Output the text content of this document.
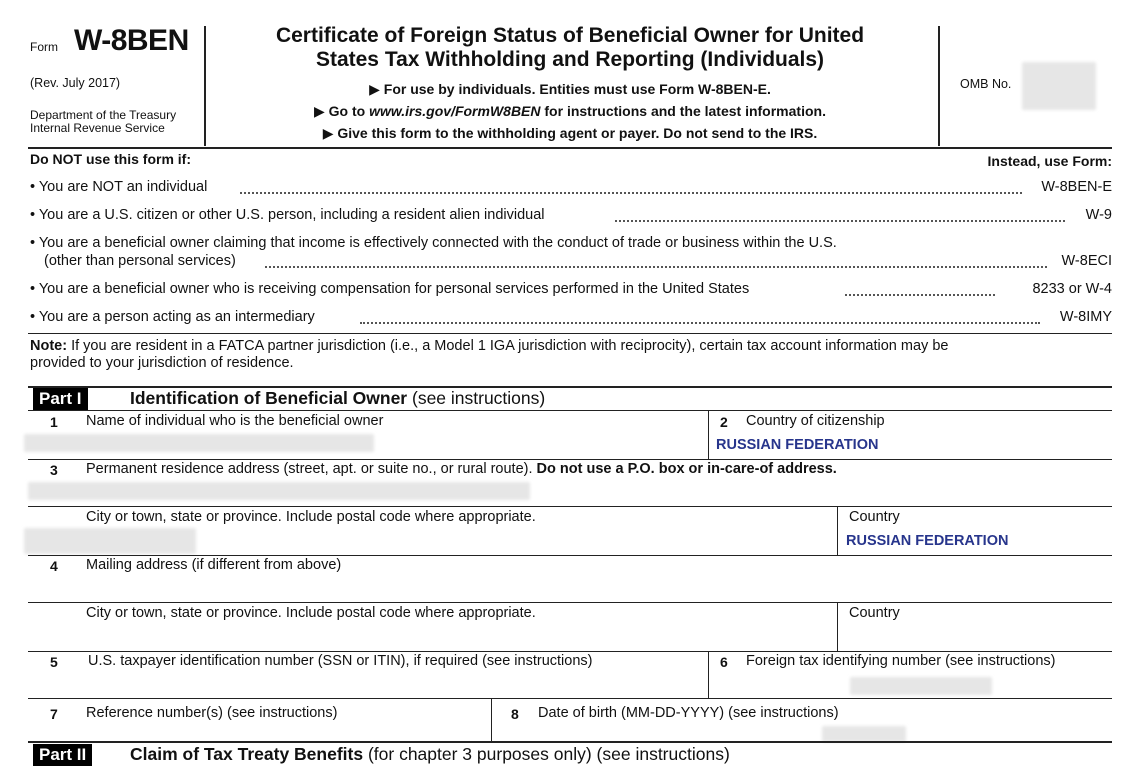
Form W-8BEN
(Rev. July 2017)
Department of the Treasury
Internal Revenue Service
Certificate of Foreign Status of Beneficial Owner for United
States Tax Withholding and Reporting (Individuals)
▶ For use by individuals. Entities must use Form W-8BEN-E.
▶ Go to www.irs.gov/FormW8BEN for instructions and the latest information.
▶ Give this form to the withholding agent or payer. Do not send to the IRS.
OMB No.
Do NOT use this form if:	Instead, use Form:
• You are NOT an individual	W-8BEN-E
• You are a U.S. citizen or other U.S. person, including a resident alien individual	W-9
• You are a beneficial owner claiming that income is effectively connected with the conduct of trade or business within the U.S.
(other than personal services)	W-8ECI
• You are a beneficial owner who is receiving compensation for personal services performed in the United States	8233 or W-4
• You are a person acting as an intermediary	W-8IMY
Note: If you are resident in a FATCA partner jurisdiction (i.e., a Model 1 IGA jurisdiction with reciprocity), certain tax account information may be
provided to your jurisdiction of residence.
Part I	Identification of Beneficial Owner (see instructions)
1 Name of individual who is the beneficial owner	2 Country of citizenship
RUSSIAN FEDERATION
3 Permanent residence address (street, apt. or suite no., or rural route). Do not use a P.O. box or in-care-of address.
City or town, state or province. Include postal code where appropriate.	Country
RUSSIAN FEDERATION
4 Mailing address (if different from above)
City or town, state or province. Include postal code where appropriate.	Country
5 U.S. taxpayer identification number (SSN or ITIN), if required (see instructions)	6 Foreign tax identifying number (see instructions)
7 Reference number(s) (see instructions)	8 Date of birth (MM-DD-YYYY) (see instructions)
Part II	Claim of Tax Treaty Benefits (for chapter 3 purposes only) (see instructions)
